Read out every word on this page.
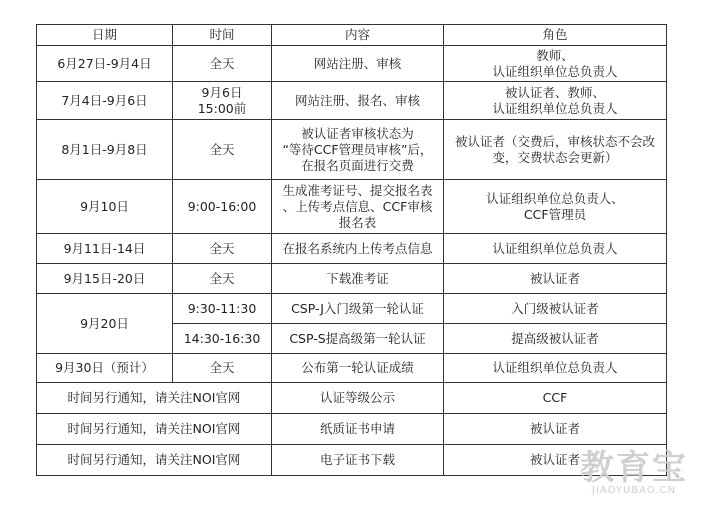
日期	时间	内容	角色
6月27日-9月4日	全天	网站注册、审核	教师、
认证组织单位总负责人
7月4日-9月6日	9月6日
15:00前	网站注册、报名、审核	被认证者、教师、
认证组织单位总负责人
8月1日-9月8日	全天	被认证者审核状态为
“等待CCF管理员审核”后，
在报名页面进行交费	被认证者（交费后，审核状态不会改
变，交费状态会更新）
9月10日	9:00-16:00	生成准考证号、提交报名表
、上传考点信息、CCF审核
报名表	认证组织单位总负责人、
CCF管理员
9月11日-14日	全天	在报名系统内上传考点信息	认证组织单位总负责人
9月15日-20日	全天	下载准考证	被认证者
9月20日	9:30-11:30	CSP-J入门级第一轮认证	入门级被认证者
	14:30-16:30	CSP-S提高级第一轮认证	提高级被认证者
9月30日（预计）	全天	公布第一轮认证成绩	认证组织单位总负责人
时间另行通知，请关注NOI官网		认证等级公示	CCF
时间另行通知，请关注NOI官网		纸质证书申请	被认证者
时间另行通知，请关注NOI官网		电子证书下载	被认证者 教育宝
JIAOYUBAO.CN
